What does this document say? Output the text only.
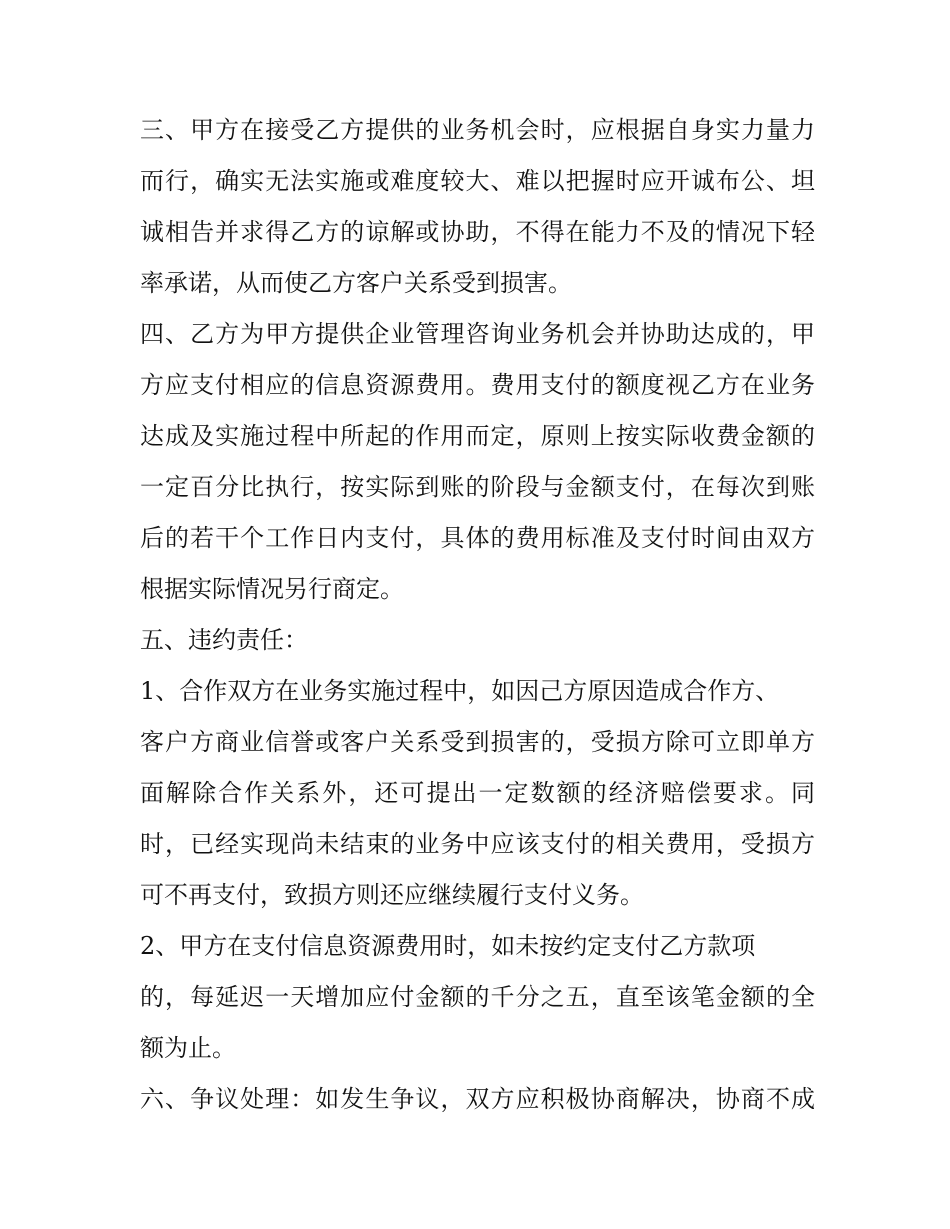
三、甲方在接受乙方提供的业务机会时，应根据自身实力量力
而行，确实无法实施或难度较大、难以把握时应开诚布公、坦
诚相告并求得乙方的谅解或协助，不得在能力不及的情况下轻
率承诺，从而使乙方客户关系受到损害。
四、乙方为甲方提供企业管理咨询业务机会并协助达成的，甲
方应支付相应的信息资源费用。费用支付的额度视乙方在业务
达成及实施过程中所起的作用而定，原则上按实际收费金额的
一定百分比执行，按实际到账的阶段与金额支付，在每次到账
后的若干个工作日内支付，具体的费用标准及支付时间由双方
根据实际情况另行商定。
五、违约责任：
1、合作双方在业务实施过程中，如因己方原因造成合作方、
客户方商业信誉或客户关系受到损害的，受损方除可立即单方
面解除合作关系外，还可提出一定数额的经济赔偿要求。同
时，已经实现尚未结束的业务中应该支付的相关费用，受损方
可不再支付，致损方则还应继续履行支付义务。
2、甲方在支付信息资源费用时，如未按约定支付乙方款项
的，每延迟一天增加应付金额的千分之五，直至该笔金额的全
额为止。
六、争议处理：如发生争议，双方应积极协商解决，协商不成
